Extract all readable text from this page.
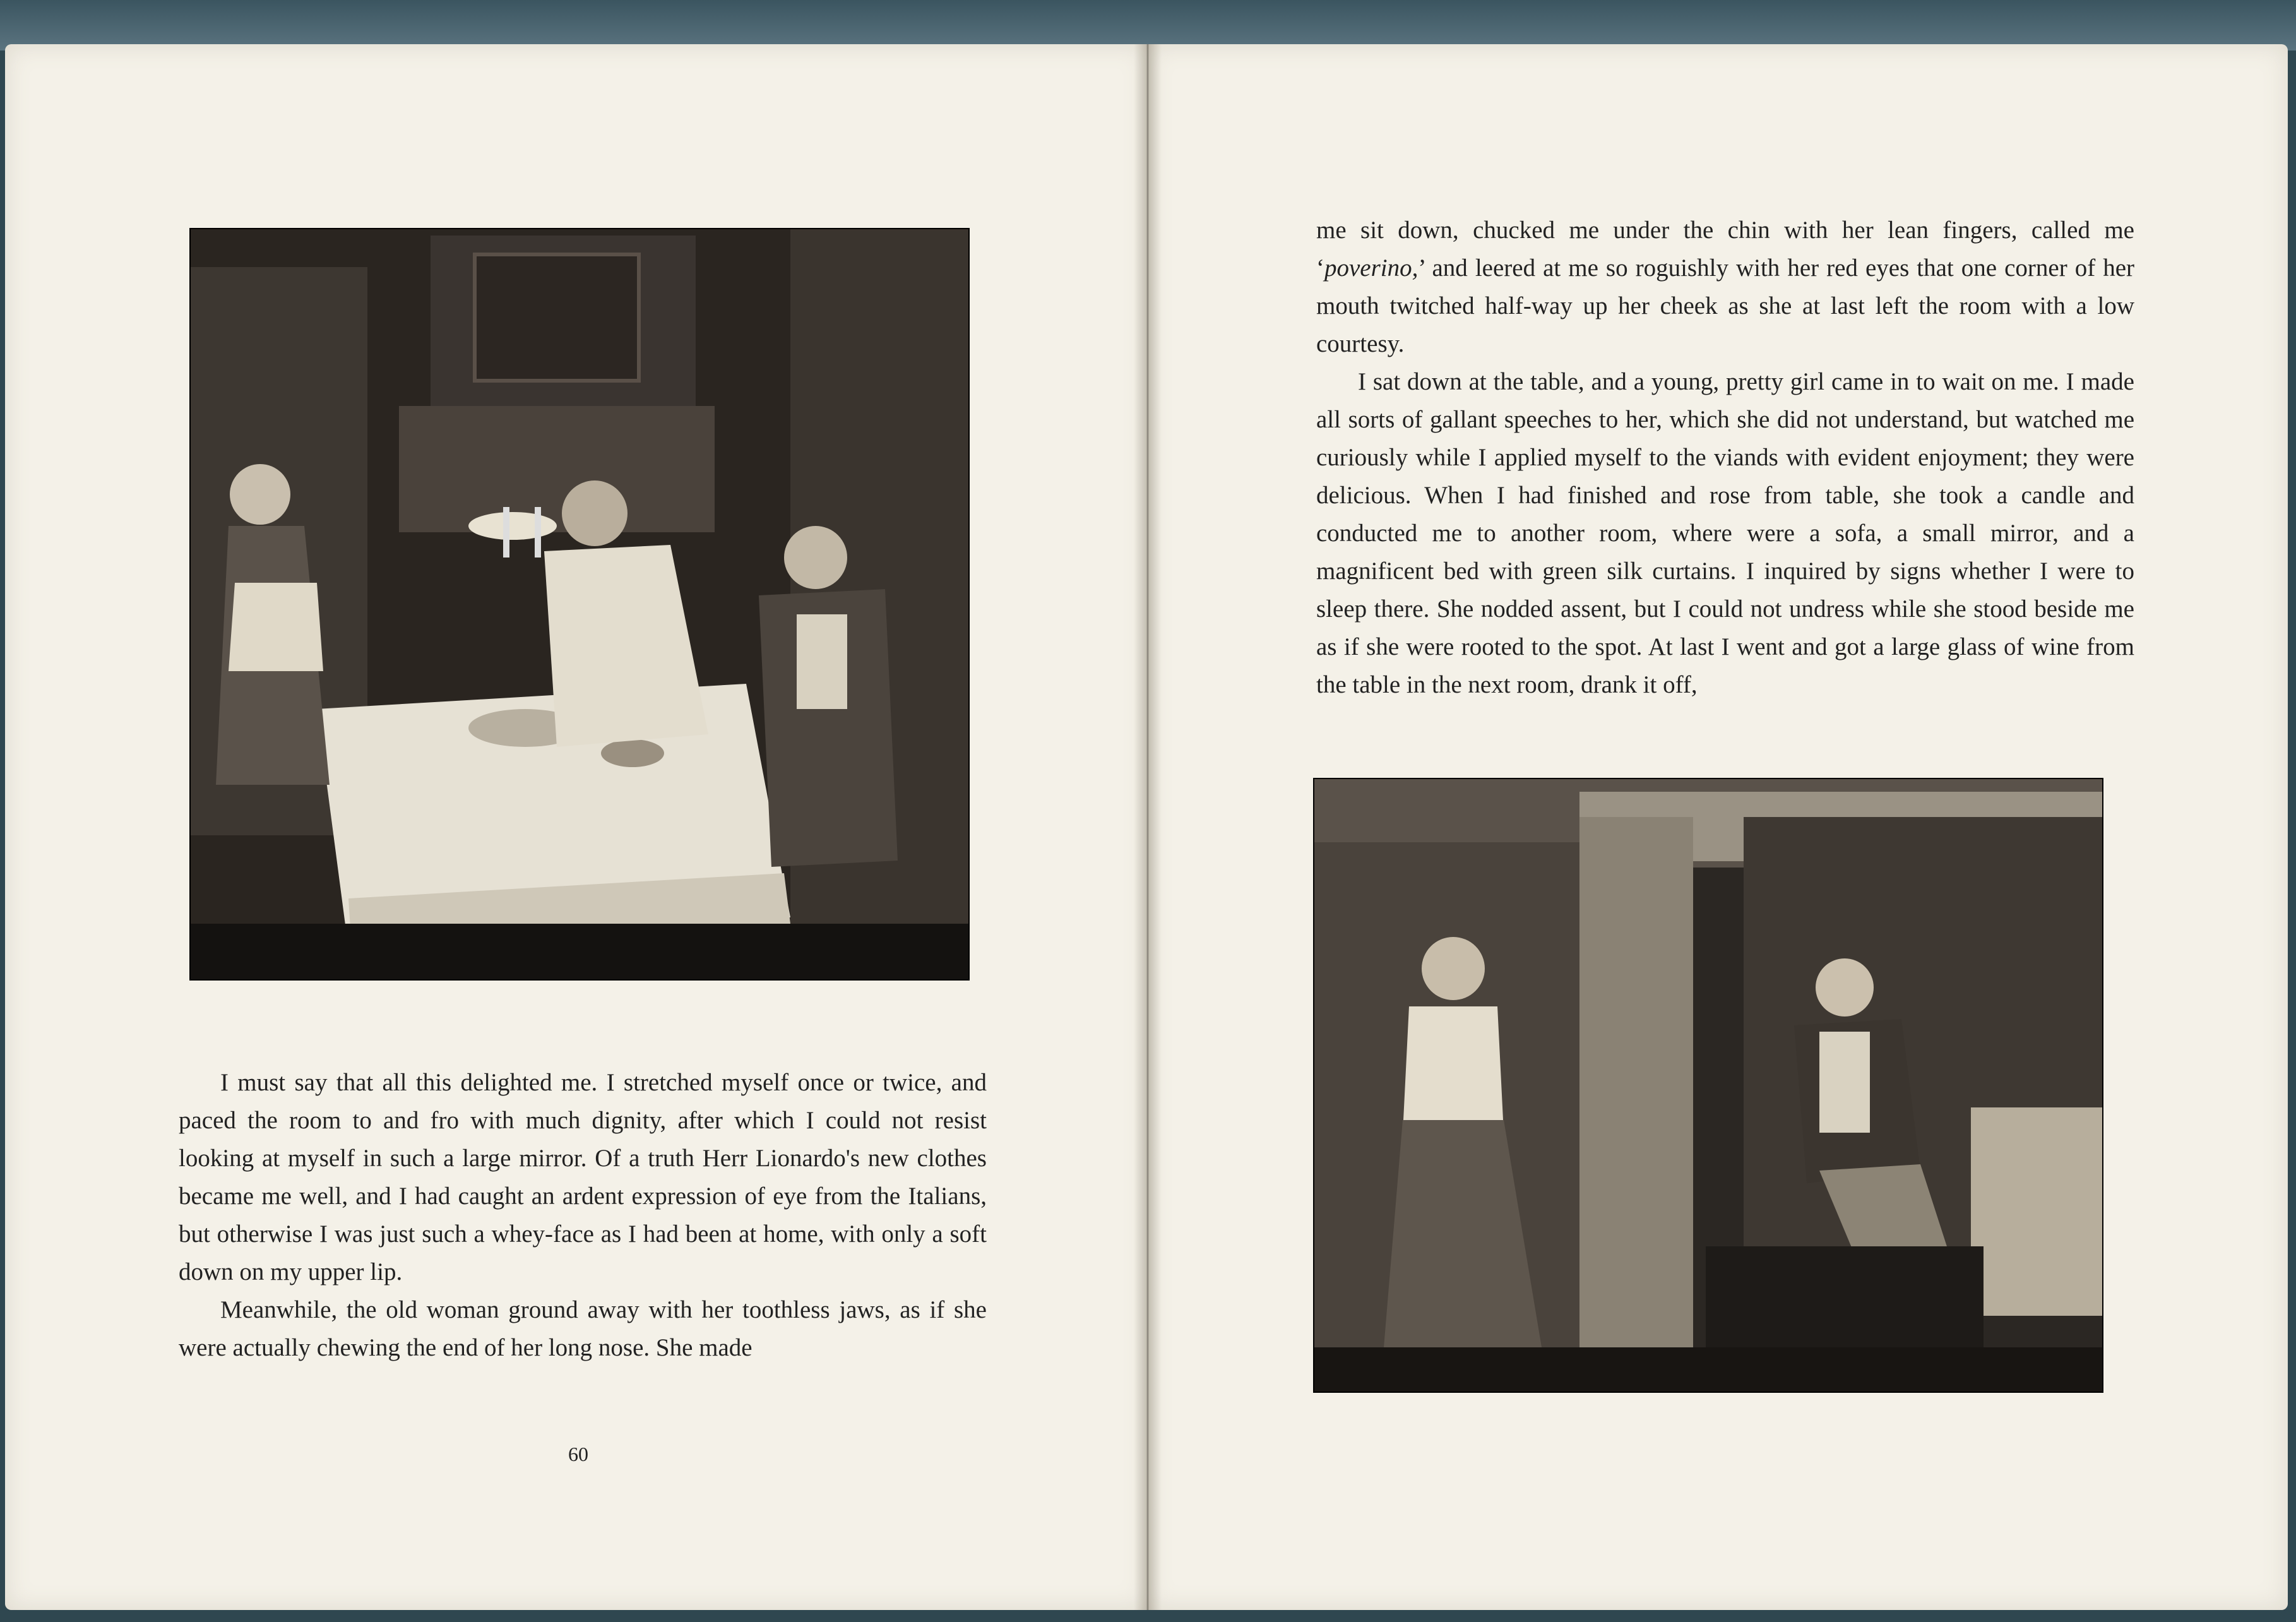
I must say that all this delighted me. I stretched myself once or twice, and paced the room to and fro with much dignity, after which I could not resist looking at myself in such a large mirror. Of a truth Herr Lionardo's new clothes became me well, and I had caught an ardent expression of eye from the Italians, but otherwise I was just such a whey-face as I had been at home, with only a soft down on my upper lip.

Meanwhile, the old woman ground away with her toothless jaws, as if she were actually chewing the end of her long nose. She made

60

me sit down, chucked me under the chin with her lean fingers, called me ‘poverino,’ and leered at me so roguishly with her red eyes that one corner of her mouth twitched half-way up her cheek as she at last left the room with a low courtesy.

I sat down at the table, and a young, pretty girl came in to wait on me. I made all sorts of gallant speeches to her, which she did not understand, but watched me curiously while I applied myself to the viands with evident enjoyment; they were delicious. When I had finished and rose from table, she took a candle and conducted me to another room, where were a sofa, a small mirror, and a magnificent bed with green silk curtains. I inquired by signs whether I were to sleep there. She nodded assent, but I could not undress while she stood beside me as if she were rooted to the spot. At last I went and got a large glass of wine from the table in the next room, drank it off,
